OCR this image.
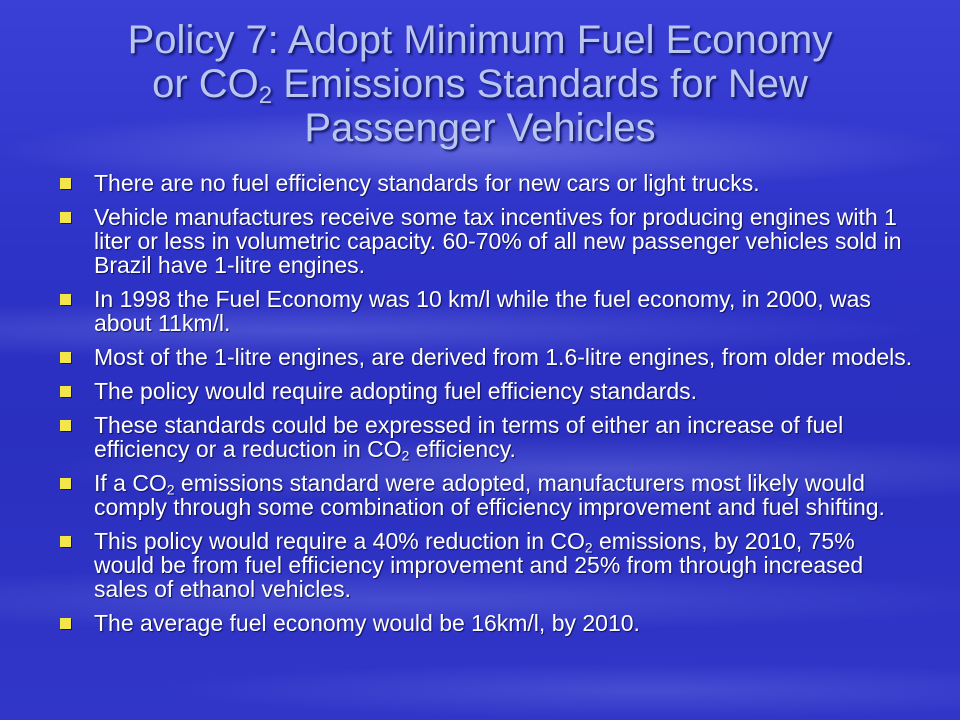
Policy 7: Adopt Minimum Fuel Economy
or $CO_2$ Emissions Standards for New
Passenger Vehicles
There are no fuel efficiency standards for new cars or light trucks.
Vehicle manufactures receive some tax incentives for producing engines with 1 liter or less in volumetric capacity. 60-70% of all new passenger vehicles sold in Brazil have 1-litre engines.
In 1998 the Fuel Economy was 10 km/l while the fuel economy, in 2000, was about 11km/l.
Most of the 1-litre engines, are derived from 1.6-litre engines, from older models.
The policy would require adopting fuel efficiency standards.
These standards could be expressed in terms of either an increase of fuel efficiency or a reduction in $CO_2$ efficiency.
If a $CO_2$ emissions standard were adopted, manufacturers most likely would comply through some combination of efficiency improvement and fuel shifting.
This policy would require a 40% reduction in $CO_2$ emissions, by 2010, 75% would be from fuel efficiency improvement and 25% from through increased sales of ethanol vehicles.
The average fuel economy would be 16km/l, by 2010.
